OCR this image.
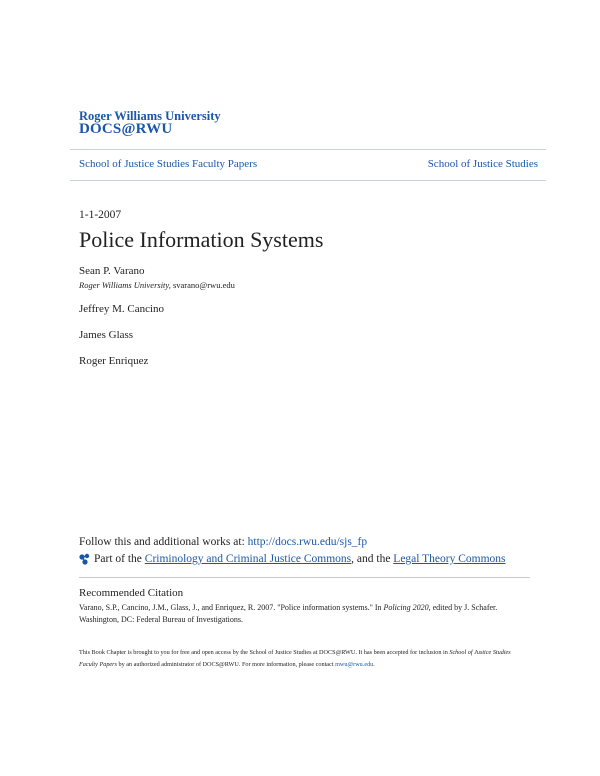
Roger Williams University
DOCS@RWU
School of Justice Studies Faculty Papers	School of Justice Studies
1-1-2007
Police Information Systems
Sean P. Varano
Roger Williams University, svarano@rwu.edu
Jeffrey M. Cancino
James Glass
Roger Enriquez
Follow this and additional works at: http://docs.rwu.edu/sjs_fp
Part of the
Criminology and Criminal Justice Commons , and the
Legal Theory Commons
Recommended Citation
Varano, S.P., Cancino, J.M., Glass, J., and Enriquez, R. 2007. "Police information systems." In Policing 2020, edited by J. Schafer. Washington, DC: Federal Bureau of Investigations.
This Book Chapter is brought to you for free and open access by the School of Justice Studies at DOCS@RWU. It has been accepted for inclusion in School of Justice Studies Faculty Papers by an authorized administrator of DOCS@RWU. For more information, please contact mwu@rwu.edu.
